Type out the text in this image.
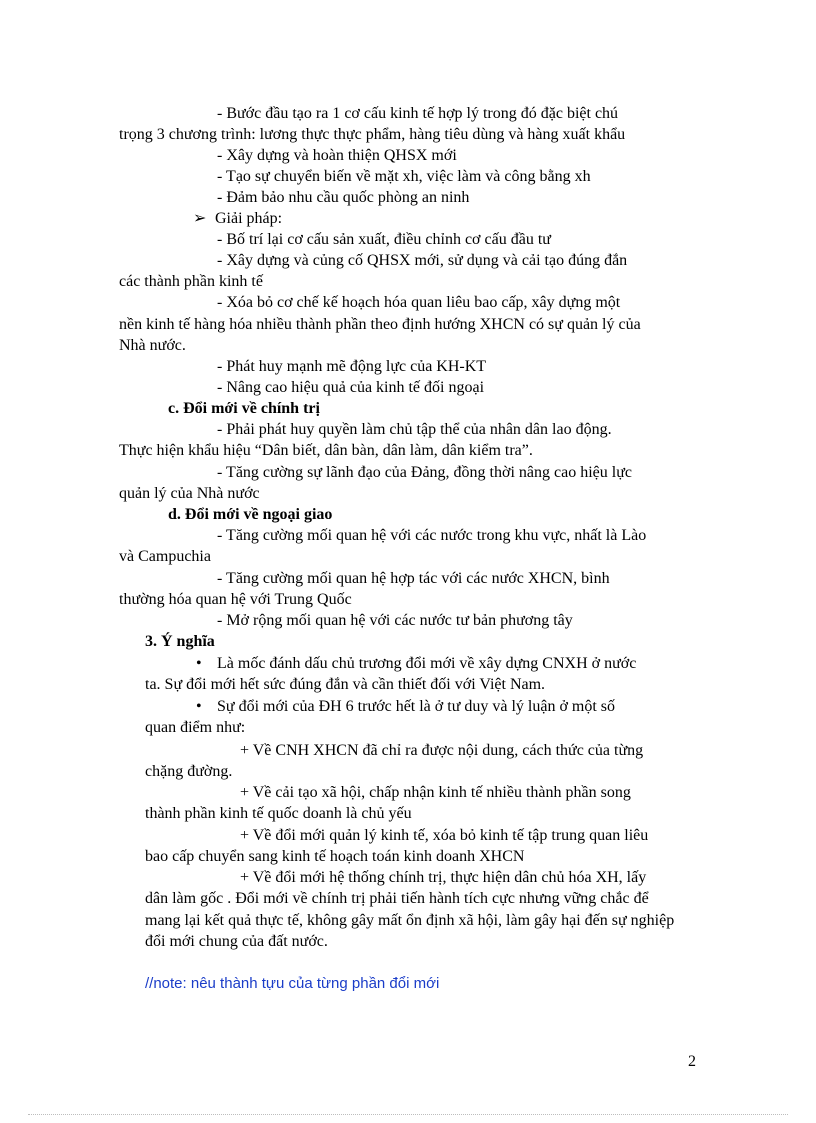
- Bước đầu tạo ra 1 cơ cấu kinh tế hợp lý trong đó đặc biệt chú
trọng 3 chương trình: lương thực thực phẩm, hàng tiêu dùng và hàng xuất khẩu
- Xây dựng và hoàn thiện QHSX mới
- Tạo sự chuyển biến về mặt xh, việc làm và công bằng xh
- Đảm bảo nhu cầu quốc phòng an ninh
➢ Giải pháp:
- Bố trí lại cơ cấu sản xuất, điều chỉnh cơ cấu đầu tư
- Xây dựng và củng cố QHSX mới, sử dụng và cải tạo đúng đắn
các thành phần kinh tế
- Xóa bỏ cơ chế kế hoạch hóa quan liêu bao cấp, xây dựng một
nền kinh tế hàng hóa nhiều thành phần theo định hướng XHCN có sự quản lý của
Nhà nước.
- Phát huy mạnh mẽ động lực của KH-KT
- Nâng cao hiệu quả của kinh tế đối ngoại
c. Đổi mới về chính trị
- Phải phát huy quyền làm chủ tập thể của nhân dân lao động.
Thực hiện khẩu hiệu “Dân biết, dân bàn, dân làm, dân kiểm tra”.
- Tăng cường sự lãnh đạo của Đảng, đồng thời nâng cao hiệu lực
quản lý của Nhà nước
d. Đổi mới về ngoại giao
- Tăng cường mối quan hệ với các nước trong khu vực, nhất là Lào
và Campuchia
- Tăng cường mối quan hệ hợp tác với các nước XHCN, bình
thường hóa quan hệ với Trung Quốc
- Mở rộng mối quan hệ với các nước tư bản phương tây
3. Ý nghĩa
• Là mốc đánh dấu chủ trương đổi mới về xây dựng CNXH ở nước
ta. Sự đổi mới hết sức đúng đắn và cần thiết đối với Việt Nam.
• Sự đổi mới của ĐH 6 trước hết là ở tư duy và lý luận ở một số
quan điểm như:
+ Về CNH XHCN đã chỉ ra được nội dung, cách thức của từng
chặng đường.
+ Về cải tạo xã hội, chấp nhận kinh tế nhiều thành phần song
thành phần kinh tế quốc doanh là chủ yếu
+ Về đổi mới quản lý kinh tế, xóa bỏ kinh tế tập trung quan liêu
bao cấp chuyển sang kinh tế hoạch toán kinh doanh XHCN
+ Về đổi mới hệ thống chính trị, thực hiện dân chủ hóa XH, lấy
dân làm gốc . Đổi mới về chính trị phải tiến hành tích cực nhưng vững chắc để
mang lại kết quả thực tế, không gây mất ổn định xã hội, làm gây hại đến sự nghiệp
đổi mới chung của đất nước.
//note: nêu thành tựu của từng phần đổi mới
2
